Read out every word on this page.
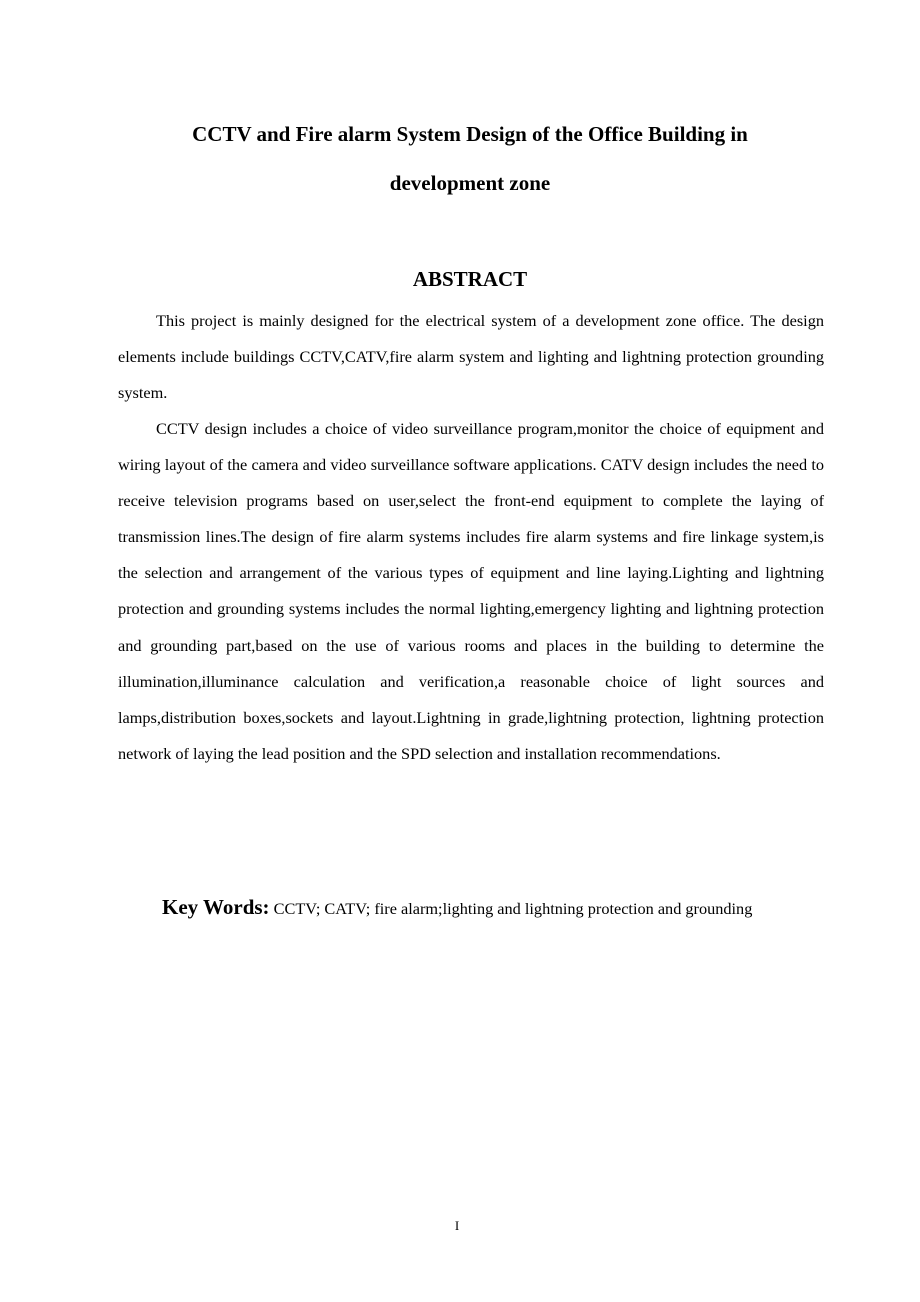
CCTV and Fire alarm System Design of the Office Building in
development zone
ABSTRACT

This project is mainly designed for the electrical system of a development zone office. The design elements include buildings CCTV,CATV,fire alarm system and lighting and lightning protection grounding system.

CCTV design includes a choice of video surveillance program,monitor the choice of equipment and wiring layout of the camera and video surveillance software applications. CATV design includes the need to receive television programs based on user,select the front-end equipment to complete the laying of transmission lines.The design of fire alarm systems includes fire alarm systems and fire linkage system,is the selection and arrangement of the various types of equipment and line laying.Lighting and lightning protection and grounding systems includes the normal lighting,emergency lighting and lightning protection and grounding part,based on the use of various rooms and places in the building to determine the illumination,illuminance calculation and verification,a reasonable choice of light sources and lamps,distribution boxes,sockets and layout.Lightning in grade,lightning protection, lightning protection network of laying the lead position and the SPD selection and installation recommendations.

Key Words: CCTV; CATV; fire alarm;lighting and lightning protection and grounding

I
